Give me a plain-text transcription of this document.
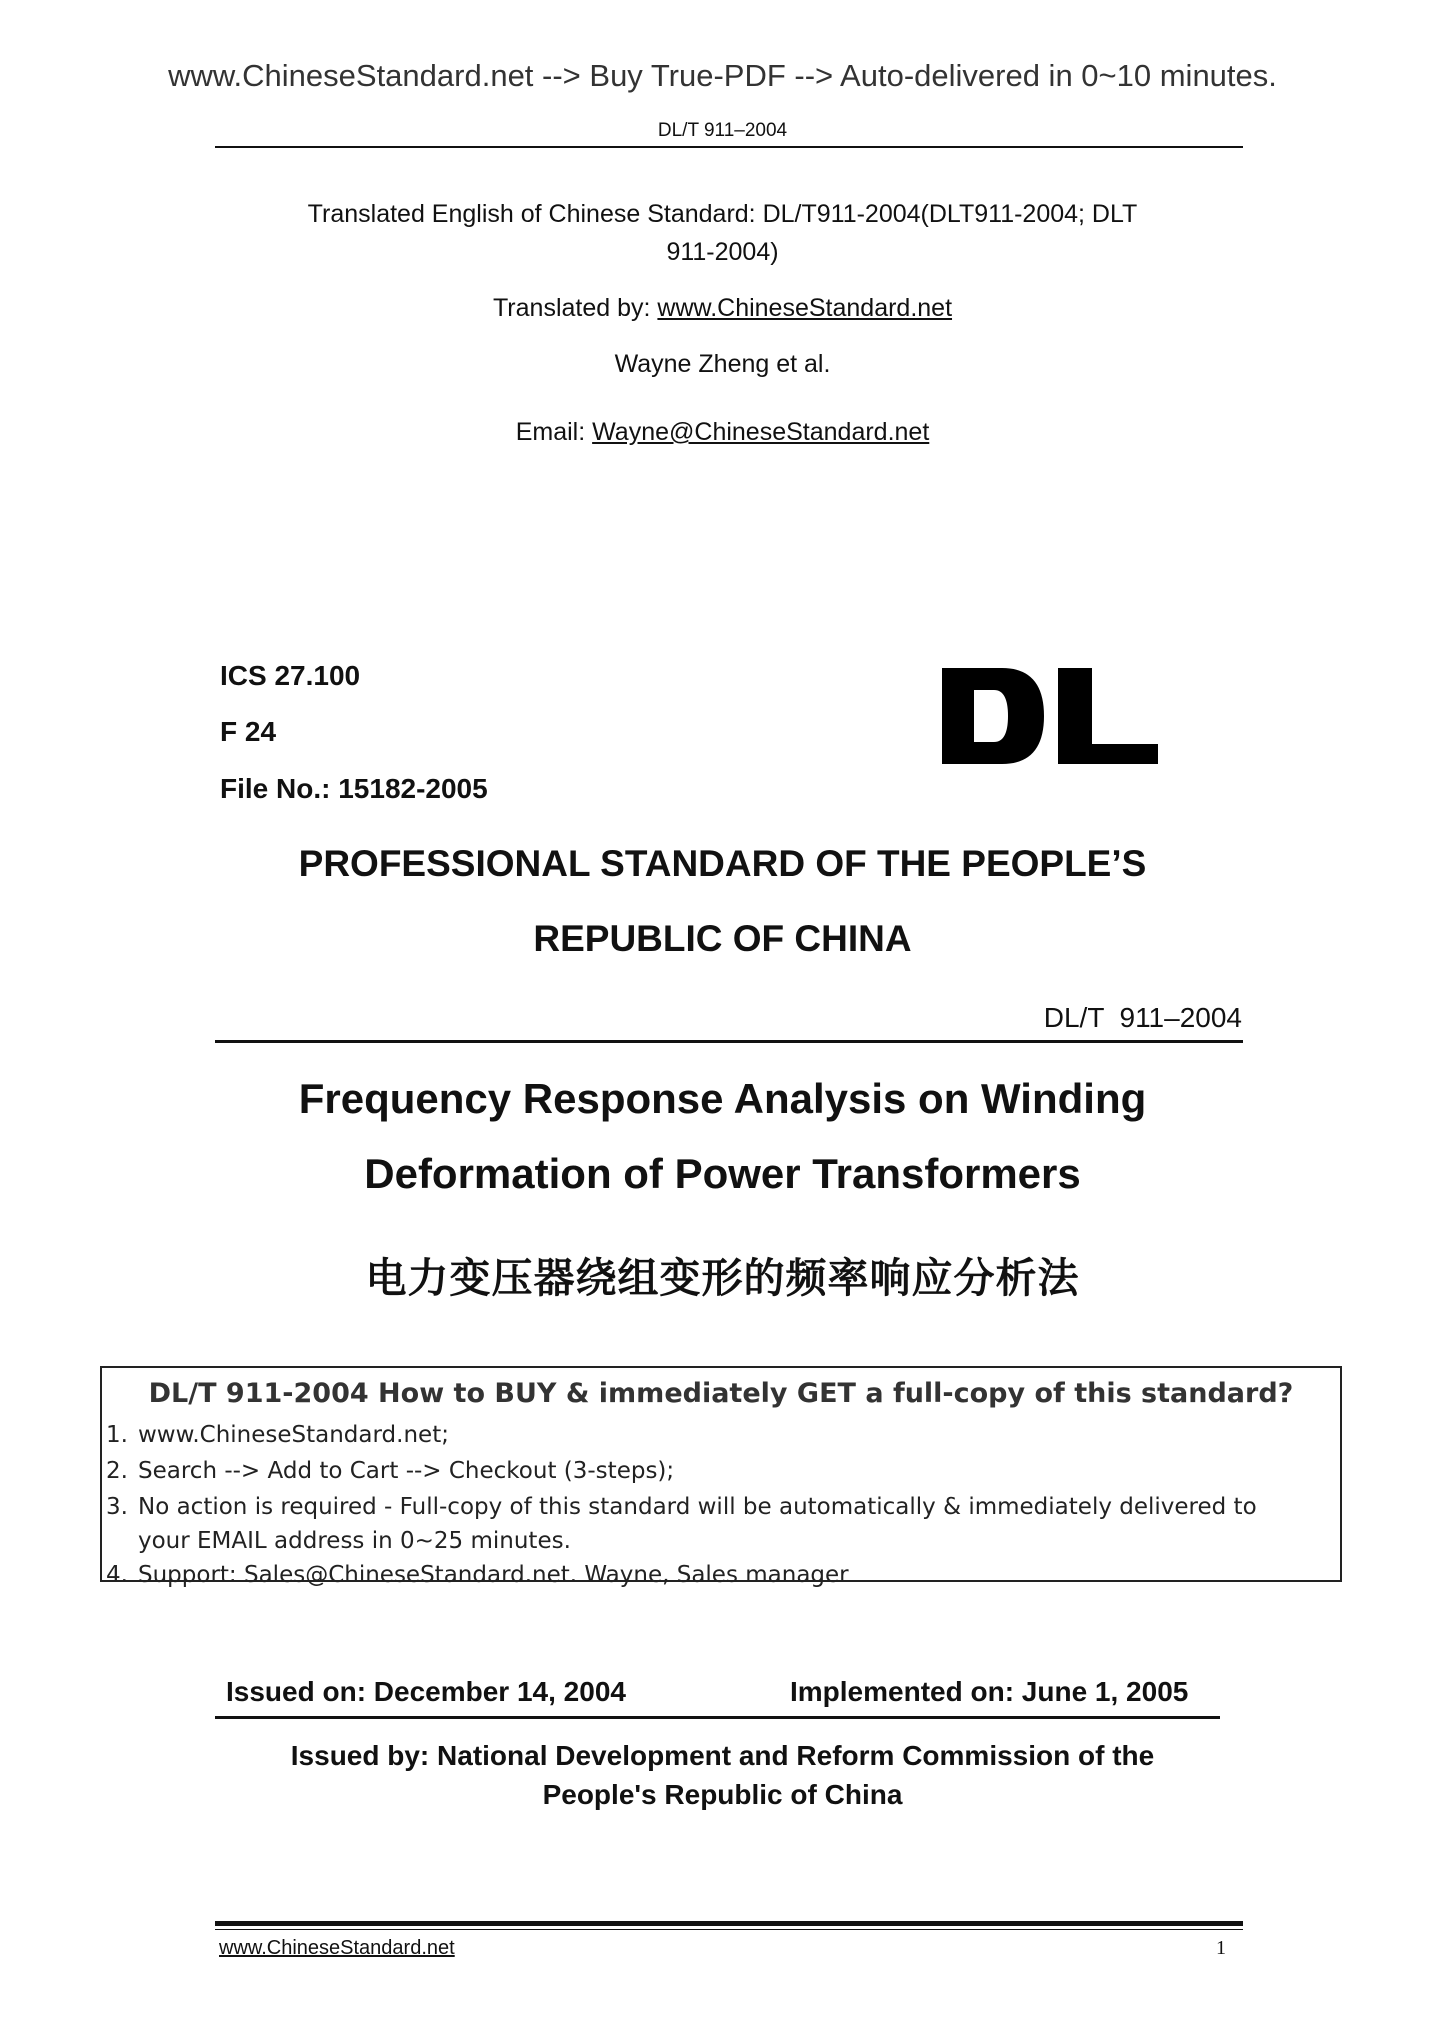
www.ChineseStandard.net --> Buy True-PDF --> Auto-delivered in 0~10 minutes.
DL/T 911–2004
Translated English of Chinese Standard: DL/T911-2004(DLT911-2004; DLT
911-2004)
Translated by: www.ChineseStandard.net
Wayne Zheng et al.
Email: Wayne@ChineseStandard.net
ICS 27.100
F 24
File No.: 15182-2005
PROFESSIONAL STANDARD OF THE PEOPLE’S
REPUBLIC OF CHINA
DL/T  911–2004
Frequency Response Analysis on Winding
Deformation of Power Transformers
电力变压器绕组变形的频率响应分析法
DL/T 911-2004 How to BUY & immediately GET a full-copy of this standard?
1. www.ChineseStandard.net;
2. Search --> Add to Cart --> Checkout (3-steps);
3. No action is required - Full-copy of this standard will be automatically & immediately delivered to
your EMAIL address in 0~25 minutes.
4. Support: Sales@ChineseStandard.net. Wayne, Sales manager
Issued on: December 14, 2004	Implemented on: June 1, 2005
Issued by: National Development and Reform Commission of the
People's Republic of China
www.ChineseStandard.net	1
